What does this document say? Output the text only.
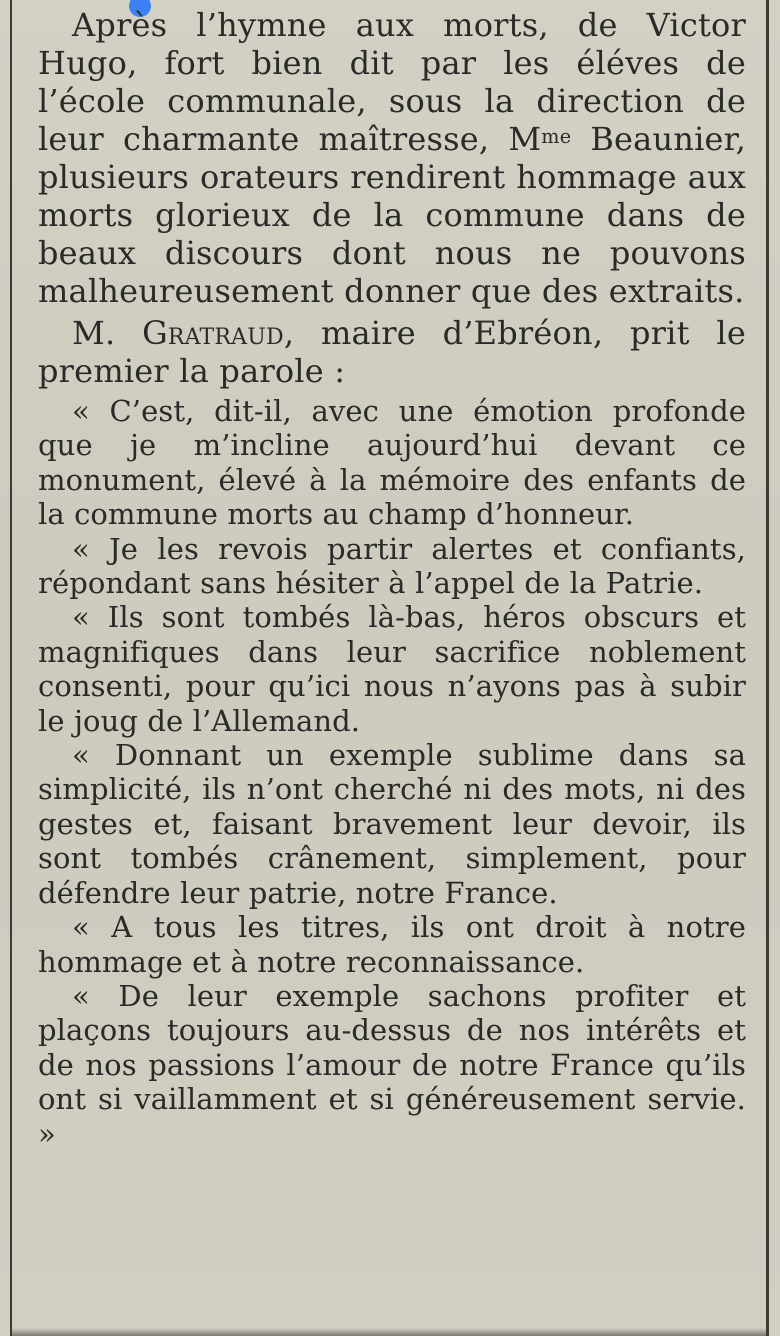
Après l’hymne aux morts, de Victor Hugo, fort bien dit par les éléves de l’école communale, sous la direction de leur charmante maîtresse, $M^{me}$ Beaunier, plusieurs orateurs rendirent hommage aux morts glorieux de la commune dans de beaux discours dont nous ne pouvons malheureusement donner que des extraits.

M. Gratraud, maire d’Ebréon, prit le premier la parole :

« C’est, dit-il, avec une émotion profonde que je m’incline aujourd’hui devant ce monument, élevé à la mémoire des enfants de la commune morts au champ d’honneur.

« Je les revois partir alertes et confiants, répondant sans hésiter à l’appel de la Patrie.

« Ils sont tombés là-bas, héros obscurs et magnifiques dans leur sacrifice noblement consenti, pour qu’ici nous n’ayons pas à subir le joug de l’Allemand.

« Donnant un exemple sublime dans sa simplicité, ils n’ont cherché ni des mots, ni des gestes et, faisant bravement leur devoir, ils sont tombés crânement, simplement, pour défendre leur patrie, notre France.

« A tous les titres, ils ont droit à notre hommage et à notre reconnaissance.

« De leur exemple sachons profiter et plaçons toujours au-dessus de nos intérêts et de nos passions l’amour de notre France qu’ils ont si vaillamment et si généreusement servie. »
